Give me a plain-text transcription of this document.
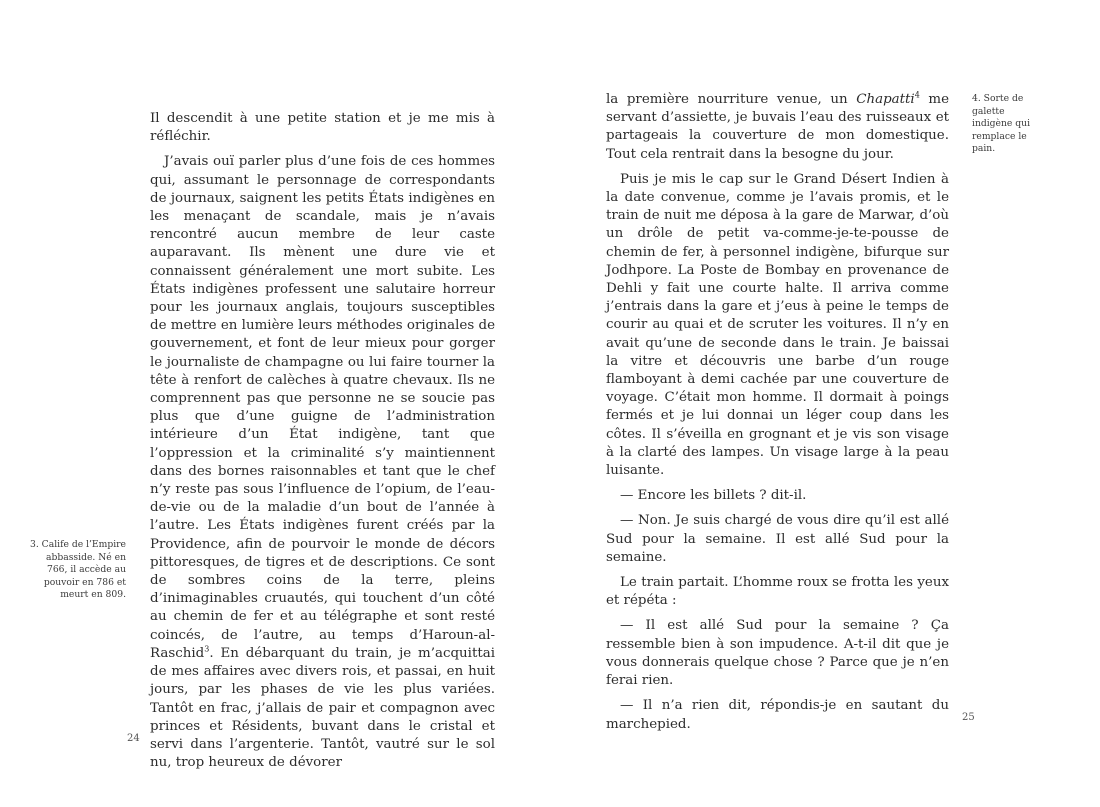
Il descendit à une petite station et je me mis à réfléchir.

J’avais ouï parler plus d’une fois de ces hommes qui, assumant le personnage de correspondants de journaux, saignent les petits États indigènes en les menaçant de scandale, mais je n’avais rencontré aucun membre de leur caste auparavant. Ils mènent une dure vie et connaissent généralement une mort subite. Les États indigènes professent une salutaire horreur pour les journaux anglais, toujours susceptibles de mettre en lumière leurs méthodes originales de gouvernement, et font de leur mieux pour gorger le journaliste de champagne ou lui faire tourner la tête à renfort de calèches à quatre chevaux. Ils ne comprennent pas que personne ne se soucie pas plus que d’une guigne de l’administration intérieure d’un État indigène, tant que l’oppression et la criminalité s’y maintiennent dans des bornes raisonnables et tant que le chef n’y reste pas sous l’influence de l’opium, de l’eau-de-vie ou de la maladie d’un bout de l’année à l’autre. Les États indigènes furent créés par la Providence, afin de pourvoir le monde de décors pittoresques, de tigres et de descriptions. Ce sont de sombres coins de la terre, pleins d’inimaginables cruautés, qui touchent d’un côté au chemin de fer et au télégraphe et sont resté coincés, de l’autre, au temps d’Haroun-al-Raschid$^3$. En débarquant du train, je m’acquittai de mes affaires avec divers rois, et passai, en huit jours, par les phases de vie les plus variées. Tantôt en frac, j’allais de pair et compagnon avec princes et Résidents, buvant dans le cristal et servi dans l’argenterie. Tantôt, vautré sur le sol nu, trop heureux de dévorer

3. Calife de l’Empire abbasside. Né en 766, il accède au pouvoir en 786 et meurt en 809.
24

la première nourriture venue, un Chapatti$^4$ me servant d’assiette, je buvais l’eau des ruisseaux et partageais la couverture de mon domestique. Tout cela rentrait dans la besogne du jour.

Puis je mis le cap sur le Grand Désert Indien à la date convenue, comme je l’avais promis, et le train de nuit me déposa à la gare de Marwar, d’où un drôle de petit va-comme-je-te-pousse de chemin de fer, à personnel indigène, bifurque sur Jodhpore. La Poste de Bombay en provenance de Dehli y fait une courte halte. Il arriva comme j’entrais dans la gare et j’eus à peine le temps de courir au quai et de scruter les voitures. Il n’y en avait qu’une de seconde dans le train. Je baissai la vitre et découvris une barbe d’un rouge flamboyant à demi cachée par une couverture de voyage. C’était mon homme. Il dormait à poings fermés et je lui donnai un léger coup dans les côtes. Il s’éveilla en grognant et je vis son visage à la clarté des lampes. Un visage large à la peau luisante.

— Encore les billets ? dit-il.

— Non. Je suis chargé de vous dire qu’il est allé Sud pour la semaine. Il est allé Sud pour la semaine.

Le train partait. L’homme roux se frotta les yeux et répéta :

— Il est allé Sud pour la semaine ? Ça ressemble bien à son impudence. A-t-il dit que je vous donnerais quelque chose ? Parce que je n’en ferai rien.

— Il n’a rien dit, répondis-je en sautant du marchepied.

4. Sorte de galette indigène qui remplace le pain.
25
